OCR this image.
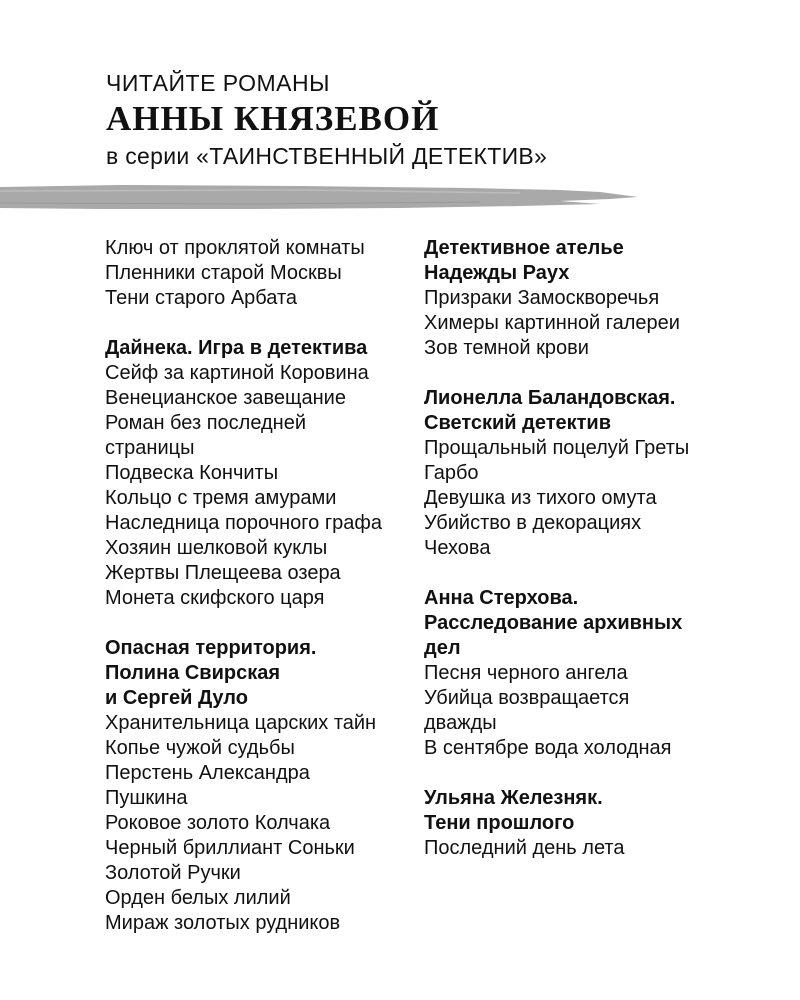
ЧИТАЙТЕ РОМАНЫ
АННЫ КНЯЗЕВОЙ
в серии «ТАИНСТВЕННЫЙ ДЕТЕКТИВ»
Ключ от проклятой комнаты
Пленники старой Москвы
Тени старого Арбата
Дайнека. Игра в детектива
Сейф за картиной Коровина
Венецианское завещание
Роман без последней
страницы
Подвеска Кончиты
Кольцо с тремя амурами
Наследница порочного графа
Хозяин шелковой куклы
Жертвы Плещеева озера
Монета скифского царя
Опасная территория.
Полина Свирская
и Сергей Дуло
Хранительница царских тайн
Копье чужой судьбы
Перстень Александра
Пушкина
Роковое золото Колчака
Черный бриллиант Соньки
Золотой Ручки
Орден белых лилий
Мираж золотых рудников
Детективное ателье
Надежды Раух
Призраки Замоскворечья
Химеры картинной галереи
Зов темной крови
Лионелла Баландовская.
Светский детектив
Прощальный поцелуй Греты
Гарбо
Девушка из тихого омута
Убийство в декорациях
Чехова
Анна Стерхова.
Расследование архивных
дел
Песня черного ангела
Убийца возвращается
дважды
В сентябре вода холодная
Ульяна Железняк.
Тени прошлого
Последний день лета
